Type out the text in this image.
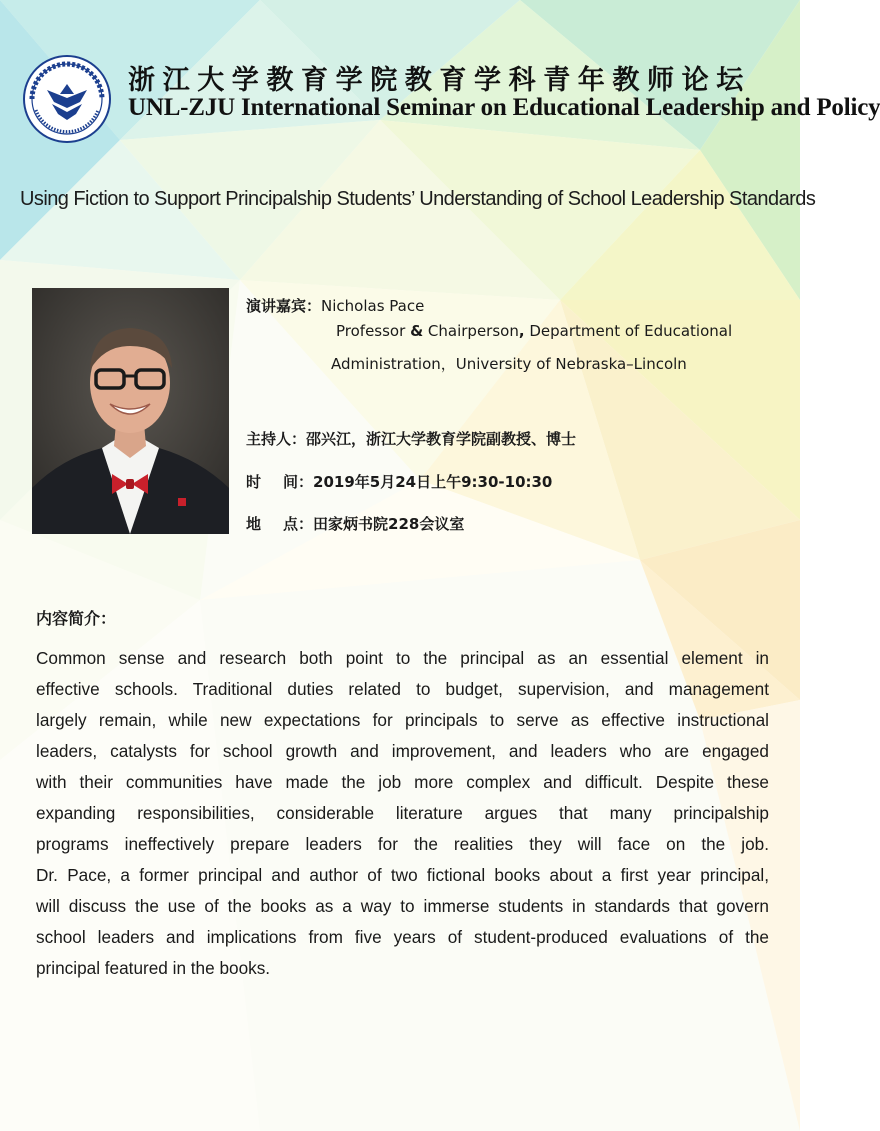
浙江大学教育学院教育学科青年教师论坛
UNL-ZJU International Seminar on Educational Leadership and Policy
Using Fiction to Support Principalship Students’ Understanding of School Leadership Standards
演讲嘉宾：Nicholas Pace
Professor & Chairperson, Department of Educational
Administration，University of Nebraska–Lincoln
主持人：邵兴江，浙江大学教育学院副教授、博士
时 间：2019年5月24日上午9:30-10:30
地 点：田家炳书院228会议室
内容简介：
Common sense and research both point to the principal as an essential element in
effective schools. Traditional duties related to budget, supervision, and management
largely remain, while new expectations for principals to serve as effective instructional
leaders, catalysts for school growth and improvement, and leaders who are engaged
with their communities have made the job more complex and difficult. Despite these
expanding responsibilities, considerable literature argues that many principalship
programs ineffectively prepare leaders for the realities they will face on the job.
Dr. Pace, a former principal and author of two fictional books about a first year principal,
will discuss the use of the books as a way to immerse students in standards that govern
school leaders and implications from five years of student-produced evaluations of the
principal featured in the books.
